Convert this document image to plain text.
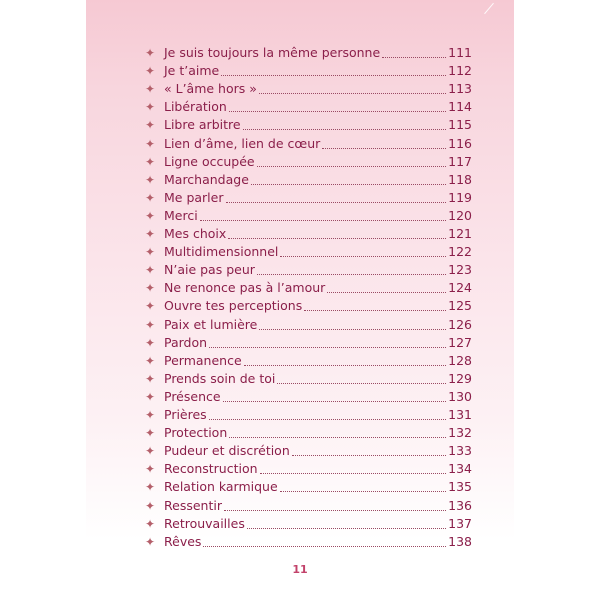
✦ Je suis toujours la même personne	111
✦ Je t’aime	112
✦ « L’âme hors »	113
✦ Libération	114
✦ Libre arbitre	115
✦ Lien d’âme, lien de cœur	116
✦ Ligne occupée	117
✦ Marchandage	118
✦ Me parler	119
✦ Merci	120
✦ Mes choix	121
✦ Multidimensionnel	122
✦ N’aie pas peur	123
✦ Ne renonce pas à l’amour	124
✦ Ouvre tes perceptions	125
✦ Paix et lumière	126
✦ Pardon	127
✦ Permanence	128
✦ Prends soin de toi	129
✦ Présence	130
✦ Prières	131
✦ Protection	132
✦ Pudeur et discrétion	133
✦ Reconstruction	134
✦ Relation karmique	135
✦ Ressentir	136
✦ Retrouvailles	137
✦ Rêves	138
11
